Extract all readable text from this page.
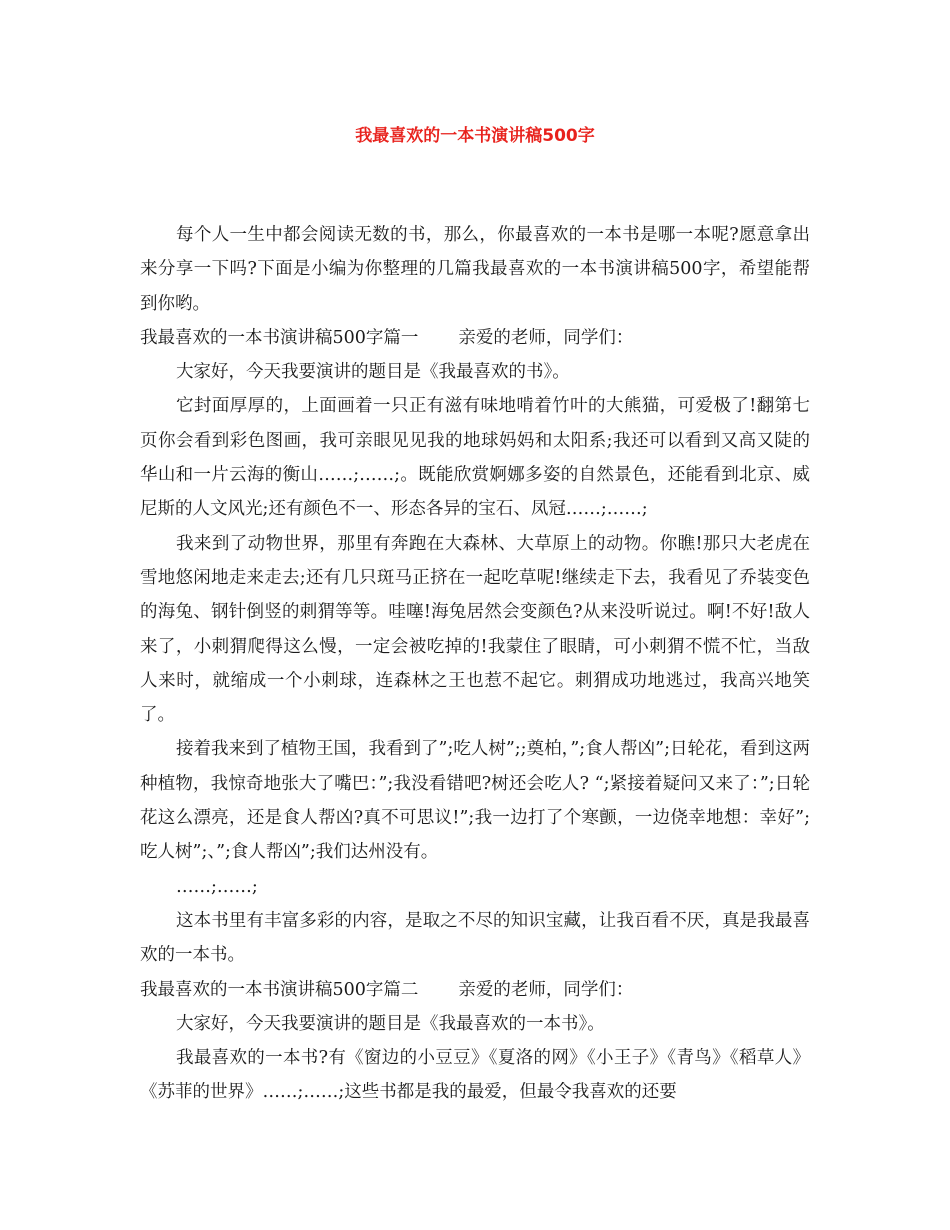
我最喜欢的一本书演讲稿500字

每个人一生中都会阅读无数的书，那么，你最喜欢的一本书是哪一本呢?愿意拿出来分享一下吗?下面是小编为你整理的几篇我最喜欢的一本书演讲稿500字，希望能帮到你哟。

我最喜欢的一本书演讲稿500字篇一 亲爱的老师，同学们：

大家好，今天我要演讲的题目是《我最喜欢的书》。

它封面厚厚的，上面画着一只正有滋有味地啃着竹叶的大熊猫，可爱极了!翻第七页你会看到彩色图画，我可亲眼见见我的地球妈妈和太阳系;我还可以看到又高又陡的华山和一片云海的衡山……;……;。既能欣赏婀娜多姿的自然景色，还能看到北京、威尼斯的人文风光;还有颜色不一、形态各异的宝石、凤冠……;……;

我来到了动物世界，那里有奔跑在大森林、大草原上的动物。你瞧!那只大老虎在雪地悠闲地走来走去;还有几只斑马正挤在一起吃草呢!继续走下去，我看见了乔装变色的海兔、钢针倒竖的刺猬等等。哇噻!海兔居然会变颜色?从来没听说过。啊!不好!敌人来了，小刺猬爬得这么慢，一定会被吃掉的!我蒙住了眼睛，可小刺猬不慌不忙，当敌人来时，就缩成一个小刺球，连森林之王也惹不起它。刺猬成功地逃过，我高兴地笑了。

接着我来到了植物王国，我看到了”;吃人树”;;奠柏，”;食人帮凶”;日轮花，看到这两种植物，我惊奇地张大了嘴巴：”;我没看错吧?树还会吃人? “;紧接着疑问又来了：”;日轮花这么漂亮，还是食人帮凶?真不可思议!”;我一边打了个寒颤，一边侥幸地想：幸好”;吃人树”;、”;食人帮凶”;我们达州没有。

……;……;

这本书里有丰富多彩的内容，是取之不尽的知识宝藏，让我百看不厌，真是我最喜欢的一本书。

我最喜欢的一本书演讲稿500字篇二 亲爱的老师，同学们：

大家好，今天我要演讲的题目是《我最喜欢的一本书》。

我最喜欢的一本书?有《窗边的小豆豆》《夏洛的网》《小王子》《青鸟》《稻草人》《苏菲的世界》……;……;这些书都是我的最爱，但最令我喜欢的还要
